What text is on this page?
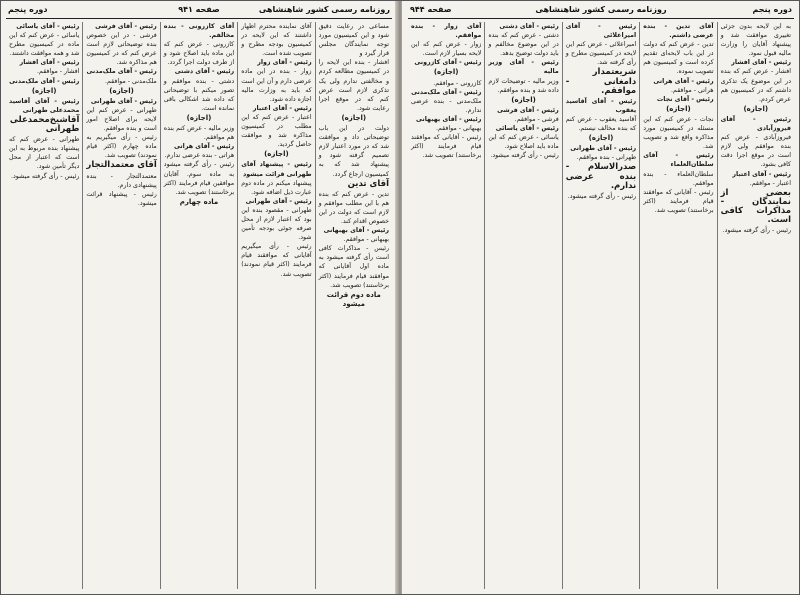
دوره پنجم	صفحه ۹۴۱	روزنامه رسمی کشور شاهنشاهی

مساعی در رعایت دقیق شود و این کمیسیون مورد توجه نمایندگان مجلس قرار گیرد و

افشار - بنده این لایحه را در کمیسیون مطالعه کردم و مخالفتی ندارم ولی یک تذکری لازم است عرض کنم که در موقع اجرا رعایت شود.

(اجازه)

دولت در این باب توضیحاتی داد و موافقت شد که در مورد اعتبار لازم تصمیم گرفته شود و پیشنهاد شد که به کمیسیون ارجاع گردد.

آقای تدین

تدین - عرض کنم که بنده هم با این مطلب موافقم و لازم است که دولت در این خصوص اقدام کند.

رئیس - آقای بهبهانی

بهبهانی - موافقم.

رئیس - مذاکرات کافی است رأی گرفته میشود به ماده اول آقایانی که موافقند قیام فرمایند (اکثر برخاستند) تصویب شد.

ماده دوم قرائت میشود

آقای نماینده محترم اظهار داشتند که این لایحه در کمیسیون بودجه مطرح و تصویب شده است.

رئیس - آقای زوار

زوار - بنده در این ماده عرضی دارم و آن این است که باید به وزارت مالیه اجازه داده شود.

رئیس - آقای اعتبار

اعتبار - عرض کنم که این مطلب در کمیسیون مذاکره شد و موافقت حاصل گردید.

(اجازه)

رئیس - پیشنهاد آقای طهرانی قرائت میشود

پیشنهاد میکنم در ماده دوم عبارت ذیل اضافه شود.

رئیس - آقای طهرانی

طهرانی - مقصود بنده این بود که اعتبار لازم از محل صرفه جوئی بودجه تأمین شود.

رئیس - رأی میگیریم آقایانی که موافقند قیام فرمایند (اکثر قیام نمودند) تصویب شد.

آقای کازرونی - بنده مخالفم.

کازرونی - عرض کنم که این ماده باید اصلاح شود و از طرف دولت اجرا گردد.

رئیس - آقای دشتی

دشتی - بنده موافقم و تصور میکنم با توضیحاتی که داده شد اشکالی باقی نمانده است.

(اجازه)

وزیر مالیه - عرض کنم بنده هم موافقم.

رئیس - آقای هراتی

هراتی - بنده عرضی ندارم.

رئیس - رأی گرفته میشود به ماده سوم. آقایان موافقین قیام فرمایند (اکثر برخاستند) تصویب شد.

ماده چهارم

رئیس - آقای فرشی

فرشی - در این خصوص بنده توضیحاتی لازم است عرض کنم که در کمیسیون هم مذاکره شد.

رئیس - آقای ملک‌مدنی

ملک‌مدنی - موافقم.

(اجازه)

رئیس - آقای طهرانی

طهرانی - عرض کنم این لایحه برای اصلاح امور است و بنده موافقم.

رئیس - رأی میگیریم به ماده چهارم (اکثر قیام نمودند) تصویب شد.

آقای معتمدالتجار

معتمدالتجار - بنده پیشنهادی دارم.

رئیس - پیشنهاد قرائت میشود.

رئیس - آقای یاسائی

یاسائی - عرض کنم که این ماده در کمیسیون مطرح شد و همه موافقت داشتند.

رئیس - آقای افشار

افشار - موافقم.

رئیس - آقای ملک‌مدنی

(اجازه)

رئیس - آقای آقاسید محمدعلی طهرانی

آقاشیخ‌محمدعلی طهرانی

طهرانی - عرض کنم که پیشنهاد بنده مربوط به این است که اعتبار از محل دیگر تأمین شود.

رئیس - رأی گرفته میشود.

صفحه ۹۴۴	روزنامه رسمی کشور شاهنشاهی	دوره پنجم

به این لایحه بدون جزئی تغییری موافقت شد و پیشنهاد آقایان را وزارت مالیه قبول نمود.

رئیس - آقای افشار

افشار - عرض کنم که بنده در این موضوع یک تذکری داشتم که در کمیسیون هم عرض کردم.

(اجازه)

رئیس - آقای فیروزآبادی

فیروزآبادی - عرض کنم بنده موافقم ولی لازم است در موقع اجرا دقت کافی بشود.

رئیس - آقای اعتبار

اعتبار - موافقم.

بعضی از نمایندگان - مذاکرات کافی است.

رئیس - رأی گرفته میشود.

آقای تدین - بنده عرضی داشتم.

تدین - عرض کنم که دولت در این باب لایحه‌ای تقدیم کرده است و کمیسیون هم تصویب نموده.

رئیس - آقای هراتی

هراتی - موافقم.

رئیس - آقای نجات

(اجازه)

نجات - عرض کنم که این مسئله در کمیسیون مورد مذاکره واقع شد و تصویب شد.

رئیس - آقای سلطان‌العلماء

سلطان‌العلماء - بنده موافقم.

رئیس - آقایانی که موافقند قیام فرمایند (اکثر برخاستند) تصویب شد.

رئیس - آقای امیراعلائی

امیراعلائی - عرض کنم این لایحه در کمیسیون مطرح و رأی گرفته شد.

شریعتمدار دامغانی - موافقم.

رئیس - آقای آقاسید یعقوب

آقاسید یعقوب - عرض کنم که بنده مخالف نیستم.

(اجازه)

رئیس - آقای طهرانی

طهرانی - بنده موافقم.

صدرالاسلام - بنده عرضی ندارم.

رئیس - رأی گرفته میشود.

رئیس - آقای دشتی

دشتی - عرض کنم که بنده در این موضوع مخالفم و باید دولت توضیح بدهد.

رئیس - آقای وزیر مالیه

وزیر مالیه - توضیحات لازم داده شد و بنده موافقم.

(اجازه)

رئیس - آقای فرشی

فرشی - موافقم.

رئیس - آقای یاسائی

یاسائی - عرض کنم که این ماده باید اصلاح شود.

رئیس - رأی گرفته میشود.

آقای زوار - بنده موافقم.

زوار - عرض کنم که این لایحه بسیار لازم است.

رئیس - آقای کازرونی

(اجازه)

کازرونی - موافقم.

رئیس - آقای ملک‌مدنی

ملک‌مدنی - بنده عرضی ندارم.

رئیس - آقای بهبهانی

بهبهانی - موافقم.

رئیس - آقایانی که موافقند قیام فرمایند (اکثر برخاستند) تصویب شد.
